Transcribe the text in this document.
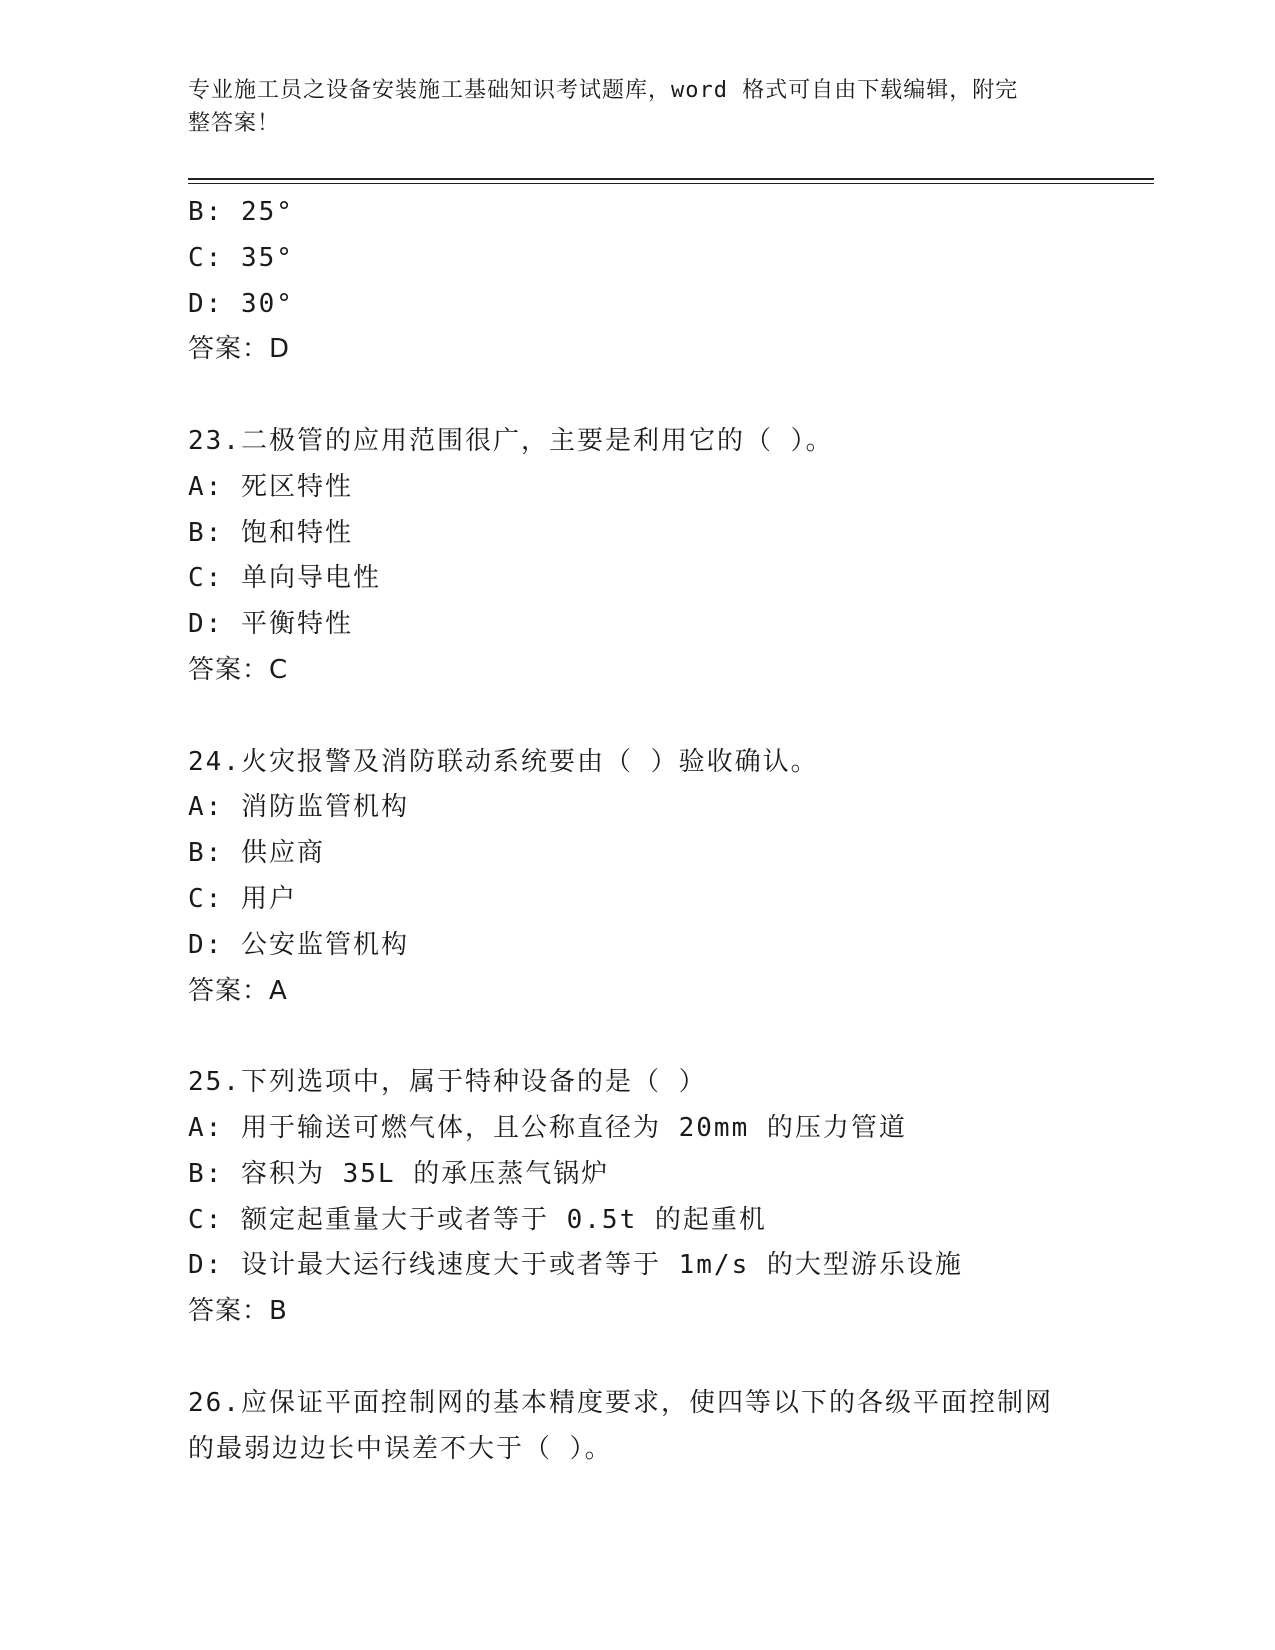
专业施工员之设备安装施工基础知识考试题库，word 格式可自由下载编辑，附完
整答案！
B: 25°
C: 35°
D: 30°
答案：D
23.二极管的应用范围很广，主要是利用它的（ ）。
A: 死区特性
B: 饱和特性
C: 单向导电性
D: 平衡特性
答案：C
24.火灾报警及消防联动系统要由（ ）验收确认。
A: 消防监管机构
B: 供应商
C: 用户
D: 公安监管机构
答案：A
25.下列选项中，属于特种设备的是（ ）
A: 用于输送可燃气体，且公称直径为 20mm 的压力管道
B: 容积为 35L 的承压蒸气锅炉
C: 额定起重量大于或者等于 0.5t 的起重机
D: 设计最大运行线速度大于或者等于 1m/s 的大型游乐设施
答案：B
26.应保证平面控制网的基本精度要求，使四等以下的各级平面控制网
的最弱边边长中误差不大于（ ）。
